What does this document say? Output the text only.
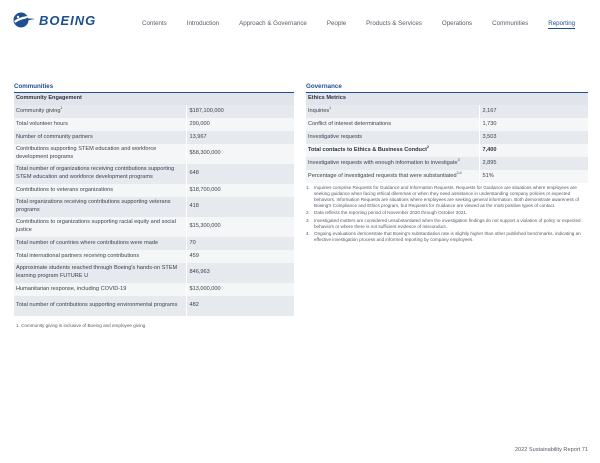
BOEING	Contents	Introduction	Approach & Governance	People	Products & Services	Operations	Communities	Reporting
Communities
Community Engagement	
Community giving$^1$	$187,100,000
Total volunteer hours	290,000
Number of community partners	13,967
Contributions supporting STEM education and workforce development programs	$58,300,000
Total number of organizations receiving contributions supporting STEM education and workforce development programs	648
Contributions to veterans organizations	$18,700,000
Total organizations receiving contributions supporting veterans programs	418
Contributions to organizations supporting racial equity and social justice	$15,300,000
Total number of countries where contributions were made	70
Total international partners receiving contributions	459
Approximate students reached through Boeing's hands-on STEM learning program FUTURE U	846,963
Humanitarian response, including COVID-19	$13,000,000
Total number of contributions supporting environmental programs	482
1. Community giving is inclusive of Boeing and employee giving.
Governance
Ethics Metrics	
Inquiries$^1$	2,167
Conflict of interest determinations	1,730
Investigative requests	3,503
Total contacts to Ethics & Business Conduct$^2$	7,400
Investigative requests with enough information to investigate$^3$	2,895
Percentage of investigated requests that were substantiated$^{3,4}$	51%
1. Inquiries comprise Requests for Guidance and Information Requests. Requests for Guidance are situations where employees are seeking guidance when facing ethical dilemmas or when they need assistance in understanding company policies or expected behaviors. Information Requests are situations where employees are seeking general information. Both demonstrate awareness of Boeing's Compliance and Ethics program, but Requests for Guidance are viewed as the most positive types of contact.
2. Data reflects the reporting period of November 2020 through October 2021.
3. Investigated matters are considered unsubstantiated when the investigation findings do not support a violation of policy or expected behaviors or where there is not sufficient evidence of misconduct.
4. Ongoing evaluations demonstrate that Boeing's substantiation rate is slightly higher than other published benchmarks, indicating an effective investigation process and informed reporting by company employees.
2022 Sustainability Report 71
